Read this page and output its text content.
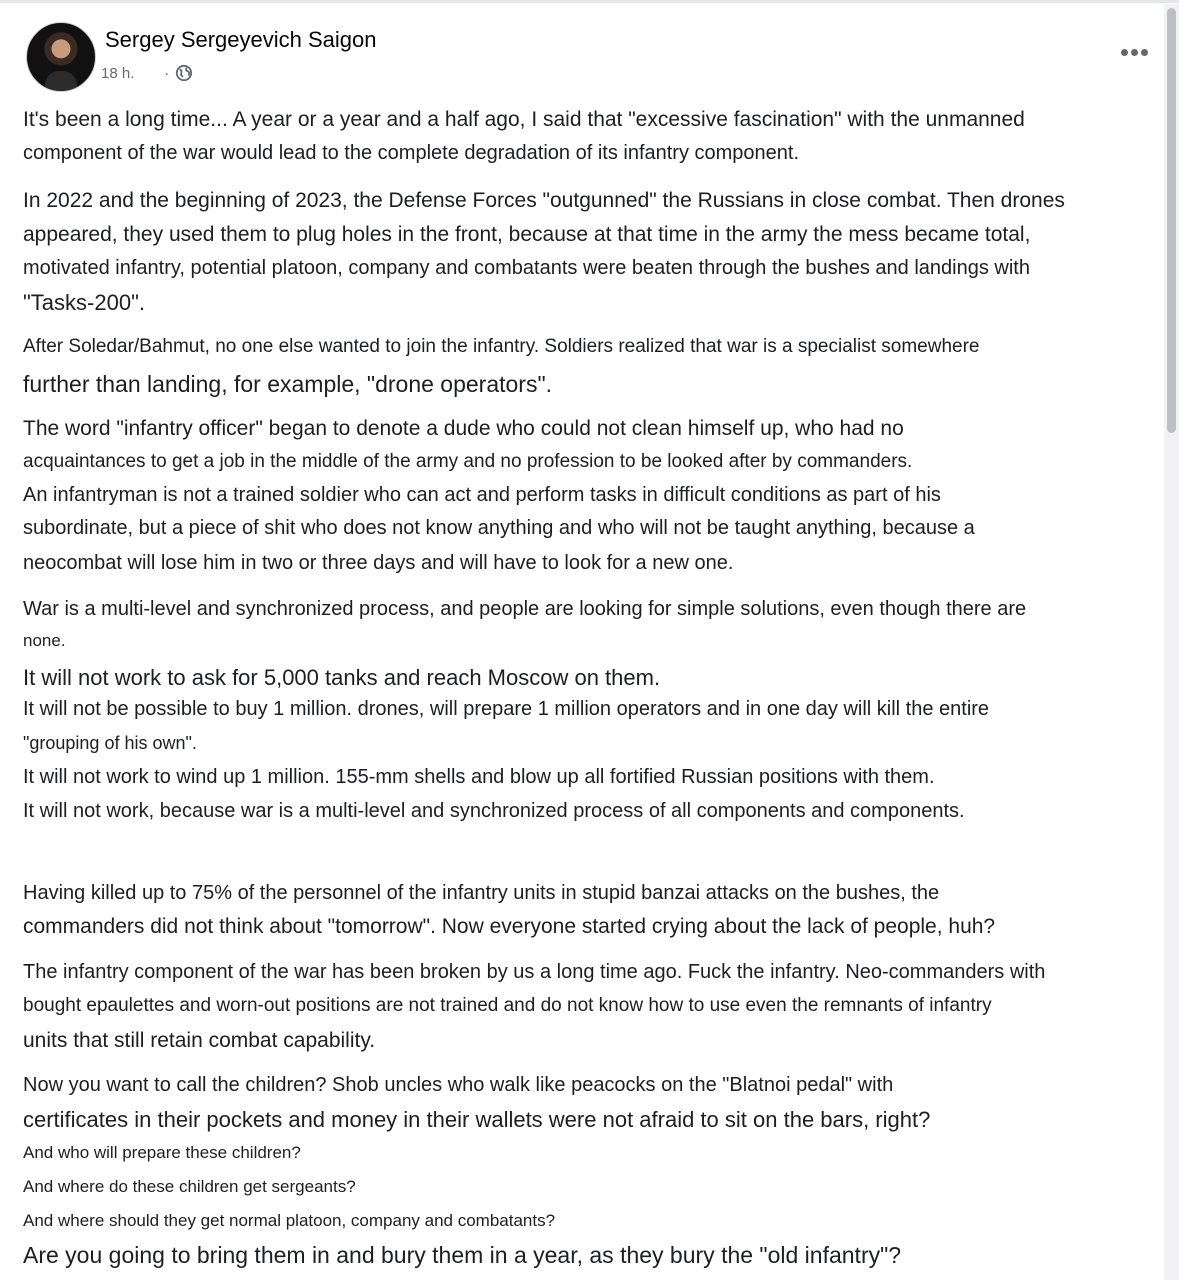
Sergey Sergeyevich Saigon
18 h. ·
It's been a long time... A year or a year and a half ago, I said that "excessive fascination" with the unmanned
component of the war would lead to the complete degradation of its infantry component.
In 2022 and the beginning of 2023, the Defense Forces "outgunned" the Russians in close combat. Then drones
appeared, they used them to plug holes in the front, because at that time in the army the mess became total,
motivated infantry, potential platoon, company and combatants were beaten through the bushes and landings with
"Tasks-200".
After Soledar/Bahmut, no one else wanted to join the infantry. Soldiers realized that war is a specialist somewhere
further than landing, for example, "drone operators".
The word "infantry officer" began to denote a dude who could not clean himself up, who had no
acquaintances to get a job in the middle of the army and no profession to be looked after by commanders.
An infantryman is not a trained soldier who can act and perform tasks in difficult conditions as part of his
subordinate, but a piece of shit who does not know anything and who will not be taught anything, because a
neocombat will lose him in two or three days and will have to look for a new one.
War is a multi-level and synchronized process, and people are looking for simple solutions, even though there are
none.
It will not work to ask for 5,000 tanks and reach Moscow on them.
It will not be possible to buy 1 million. drones, will prepare 1 million operators and in one day will kill the entire
"grouping of his own".
It will not work to wind up 1 million. 155-mm shells and blow up all fortified Russian positions with them.
It will not work, because war is a multi-level and synchronized process of all components and components.
Having killed up to 75% of the personnel of the infantry units in stupid banzai attacks on the bushes, the
commanders did not think about "tomorrow". Now everyone started crying about the lack of people, huh?
The infantry component of the war has been broken by us a long time ago. Fuck the infantry. Neo-commanders with
bought epaulettes and worn-out positions are not trained and do not know how to use even the remnants of infantry
units that still retain combat capability.
Now you want to call the children? Shob uncles who walk like peacocks on the "Blatnoi pedal" with
certificates in their pockets and money in their wallets were not afraid to sit on the bars, right?
And who will prepare these children?
And where do these children get sergeants?
And where should they get normal platoon, company and combatants?
Are you going to bring them in and bury them in a year, as they bury the "old infantry"?
